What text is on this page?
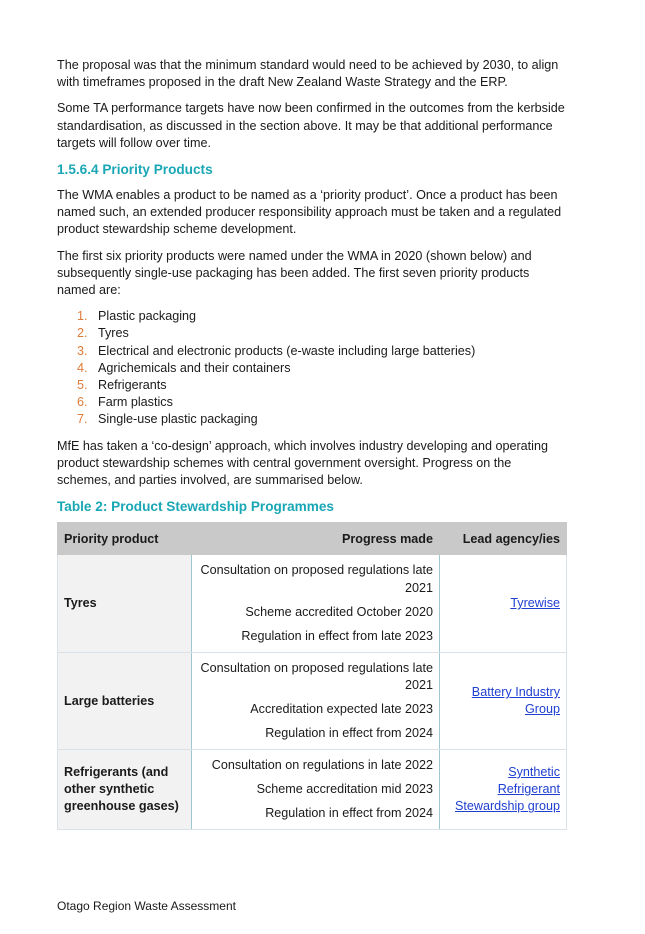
The proposal was that the minimum standard would need to be achieved by 2030, to align with timeframes proposed in the draft New Zealand Waste Strategy and the ERP.

Some TA performance targets have now been confirmed in the outcomes from the kerbside standardisation, as discussed in the section above. It may be that additional performance targets will follow over time.

1.5.6.4 Priority Products

The WMA enables a product to be named as a ‘priority product’. Once a product has been named such, an extended producer responsibility approach must be taken and a regulated product stewardship scheme development.

The first six priority products were named under the WMA in 2020 (shown below) and subsequently single-use packaging has been added. The first seven priority products named are:

1. Plastic packaging
2. Tyres
3. Electrical and electronic products (e-waste including large batteries)
4. Agrichemicals and their containers
5. Refrigerants
6. Farm plastics
7. Single-use plastic packaging

MfE has taken a ‘co-design’ approach, which involves industry developing and operating product stewardship schemes with central government oversight. Progress on the schemes, and parties involved, are summarised below.

Table 2: Product Stewardship Programmes
Priority product	Progress made	Lead agency/ies
Tyres	Consultation on proposed regulations late 2021
Scheme accredited October 2020
Regulation in effect from late 2023	Tyrewise
Large batteries	Consultation on proposed regulations late 2021
Accreditation expected late 2023
Regulation in effect from 2024	Battery Industry Group
Refrigerants (and other synthetic greenhouse gases)	Consultation on regulations in late 2022
Scheme accreditation mid 2023
Regulation in effect from 2024	Synthetic Refrigerant Stewardship group
Otago Region Waste Assessment
